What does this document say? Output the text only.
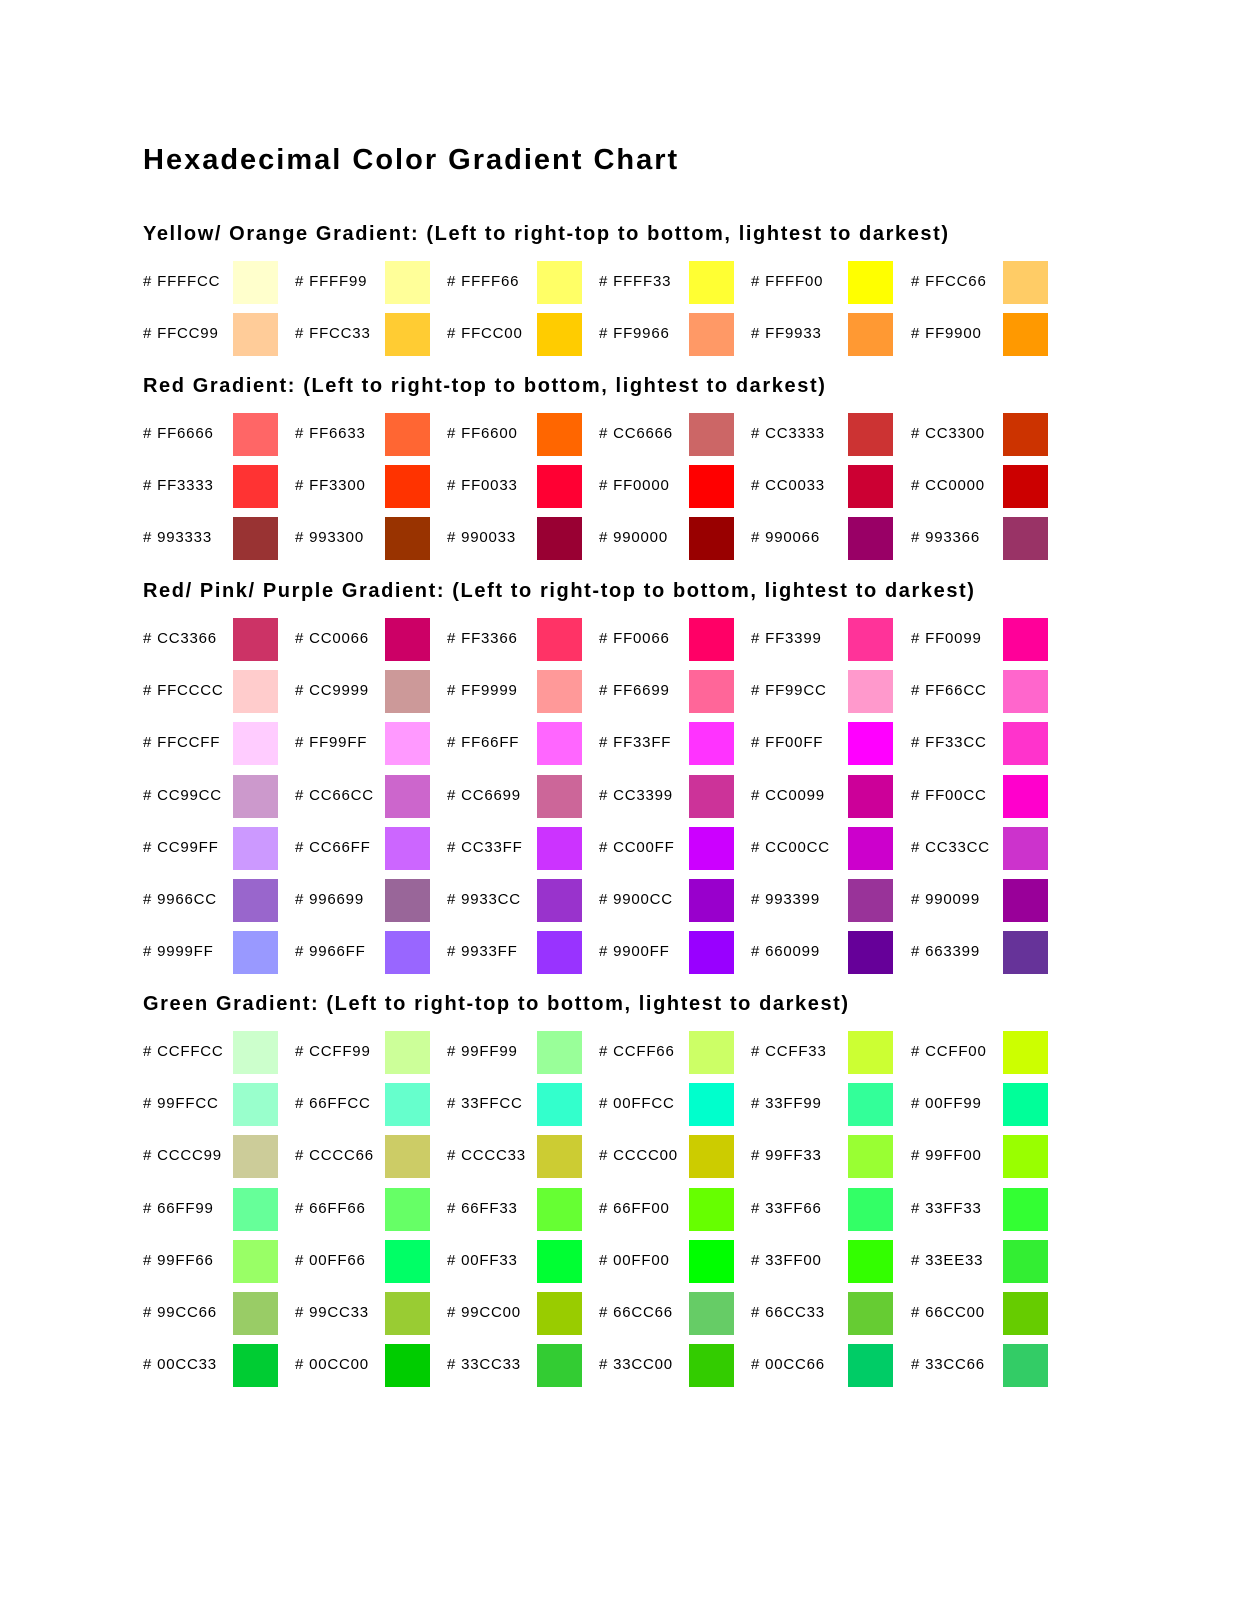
Hexadecimal Color Gradient Chart
Yellow/ Orange Gradient: (Left to right-top to bottom, lightest to darkest)
# FFFFCC	# FFFF99	# FFFF66	# FFFF33	# FFFF00	# FFCC66
# FFCC99	# FFCC33	# FFCC00	# FF9966	# FF9933	# FF9900
Red Gradient: (Left to right-top to bottom, lightest to darkest)
# FF6666	# FF6633	# FF6600	# CC6666	# CC3333	# CC3300
# FF3333	# FF3300	# FF0033	# FF0000	# CC0033	# CC0000
# 993333	# 993300	# 990033	# 990000	# 990066	# 993366
Red/ Pink/ Purple Gradient: (Left to right-top to bottom, lightest to darkest)
# CC3366	# CC0066	# FF3366	# FF0066	# FF3399	# FF0099
# FFCCCC	# CC9999	# FF9999	# FF6699	# FF99CC	# FF66CC
# FFCCFF	# FF99FF	# FF66FF	# FF33FF	# FF00FF	# FF33CC
# CC99CC	# CC66CC	# CC6699	# CC3399	# CC0099	# FF00CC
# CC99FF	# CC66FF	# CC33FF	# CC00FF	# CC00CC	# CC33CC
# 9966CC	# 996699	# 9933CC	# 9900CC	# 993399	# 990099
# 9999FF	# 9966FF	# 9933FF	# 9900FF	# 660099	# 663399
Green Gradient: (Left to right-top to bottom, lightest to darkest)
# CCFFCC	# CCFF99	# 99FF99	# CCFF66	# CCFF33	# CCFF00
# 99FFCC	# 66FFCC	# 33FFCC	# 00FFCC	# 33FF99	# 00FF99
# CCCC99	# CCCC66	# CCCC33	# CCCC00	# 99FF33	# 99FF00
# 66FF99	# 66FF66	# 66FF33	# 66FF00	# 33FF66	# 33FF33
# 99FF66	# 00FF66	# 00FF33	# 00FF00	# 33FF00	# 33EE33
# 99CC66	# 99CC33	# 99CC00	# 66CC66	# 66CC33	# 66CC00
# 00CC33	# 00CC00	# 33CC33	# 33CC00	# 00CC66	# 33CC66
